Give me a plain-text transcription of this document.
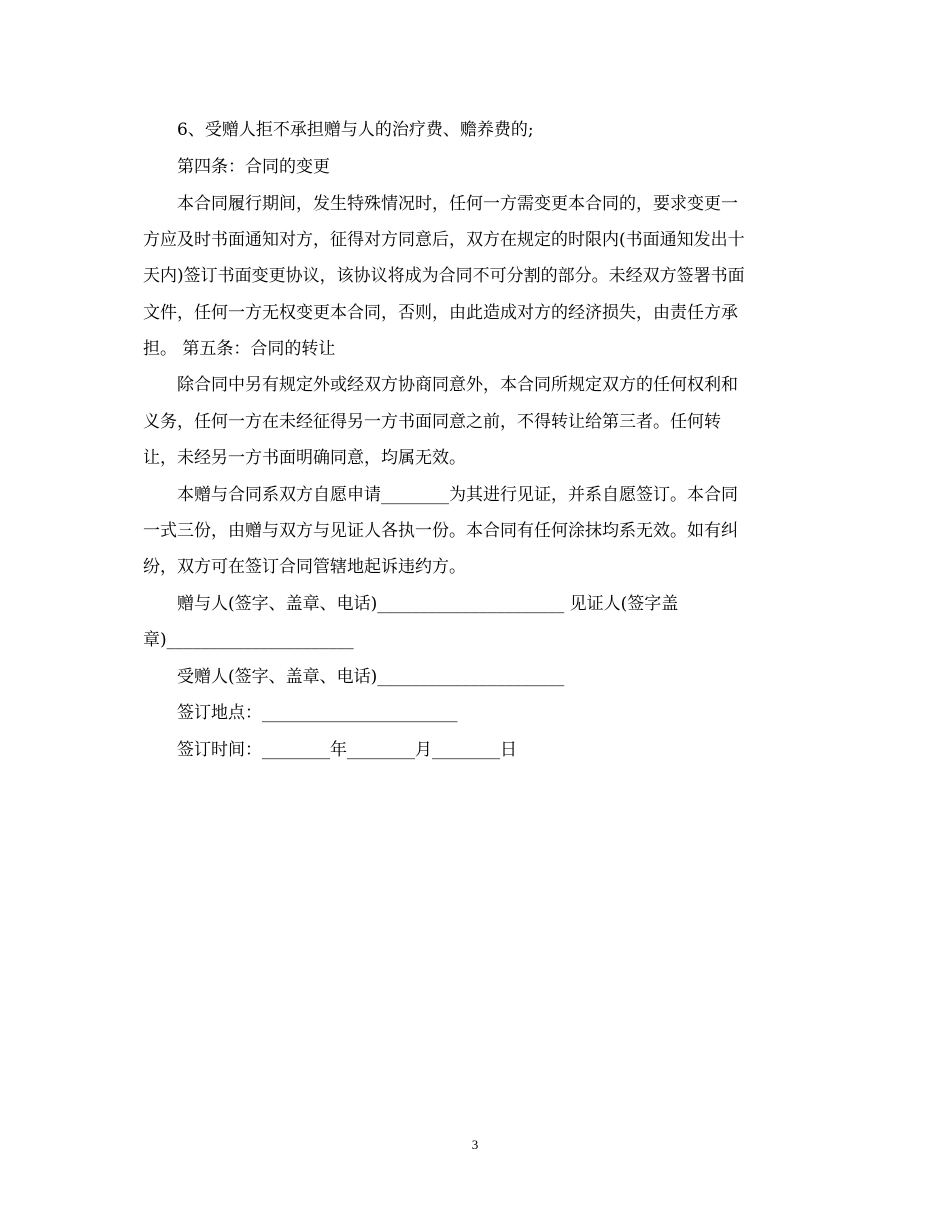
6、受赠人拒不承担赠与人的治疗费、赡养费的;
第四条：合同的变更
本合同履行期间，发生特殊情况时，任何一方需变更本合同的，要求变更一
方应及时书面通知对方，征得对方同意后，双方在规定的时限内(书面通知发出十
天内)签订书面变更协议，该协议将成为合同不可分割的部分。未经双方签署书面
文件，任何一方无权变更本合同，否则，由此造成对方的经济损失，由责任方承
担。 第五条：合同的转让
除合同中另有规定外或经双方协商同意外，本合同所规定双方的任何权利和
义务，任何一方在未经征得另一方书面同意之前，不得转让给第三者。任何转
让，未经另一方书面明确同意，均属无效。
本赠与合同系双方自愿申请________为其进行见证，并系自愿签订。本合同
一式三份，由赠与双方与见证人各执一份。本合同有任何涂抹均系无效。如有纠
纷，双方可在签订合同管辖地起诉违约方。
赠与人(签字、盖章、电话)______________________ 见证人(签字盖
章)______________________
受赠人(签字、盖章、电话)______________________
签订地点：_______________________
签订时间：________年________月________日
3
